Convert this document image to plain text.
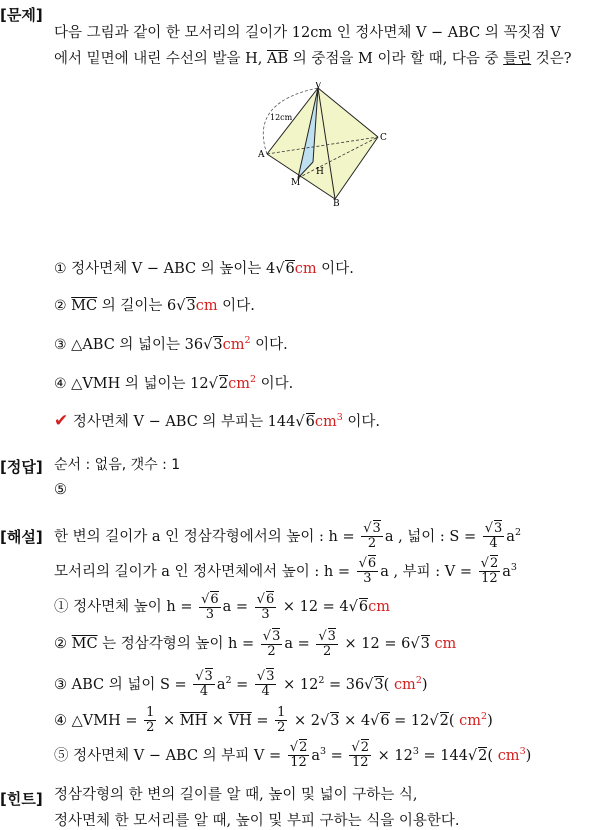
[문제]
다음 그림과 같이 한 모서리의 길이가 12cm 인 정사면체 V − ABC 의 꼭짓점 V
에서 밑면에 내린 수선의 발을 H, $\overline{AB}$ 의 중점을 M 이라 할 때, 다음 중 틀린 것은?
V
A
B
C
M
H
12cm
① 정사면체 V − ABC 의 높이는 4√6cm 이다.
② $\overline{MC}$ 의 길이는 6√3cm 이다.
③ △ABC 의 넓이는 $36√3cm^2$ 이다.
④ △VMH 의 넓이는 $12√2cm^2$ 이다.
✔ 정사면체 V − ABC 의 부피는 $144√6cm^3$ 이다.
[정답] 순서 : 없음, 갯수 : 1
⑤
[해설] 한 변의 길이가 a 인 정삼각형에서의 높이 : $h = \frac{√3}{2}$ a , 넓이 : $S = \frac{√3}{4} a^2$
모서리의 길이가 a 인 정사면체에서 높이 : $h = \frac{√6}{3}$ a , 부피 : $V = \frac{√2}{12} a^3$
① 정사면체 높이 $h = \frac{√6}{3}$ $a = \frac{√6}{3} \times 12 = 4√6cm$
② $\overline{MC}$ 는 정삼각형의 높이 $h = \frac{√3}{2}$ $a = \frac{√3}{2} \times 12 = 6√3$ cm
③ ABC 의 넓이 $S = \frac{√3}{4} a^2 = \frac{√3}{4} \times 12^2 = 36√3$( $cm^2$)
④ △VMH = $\frac{1}{2} \times \overline{MH} \times \overline{VH} = \frac{1}{2} \times 2√3 \times 4√6 = 12√2$( $cm^2$)
⑤ 정사면체 V − ABC 의 부피 $V = \frac{√2}{12} a^3 = \frac{√2}{12} \times 12^3 = 144√2$( $cm^3$)
[힌트] 정삼각형의 한 변의 길이를 알 때, 높이 및 넓이 구하는 식,
정사면체 한 모서리를 알 때, 높이 및 부피 구하는 식을 이용한다.
